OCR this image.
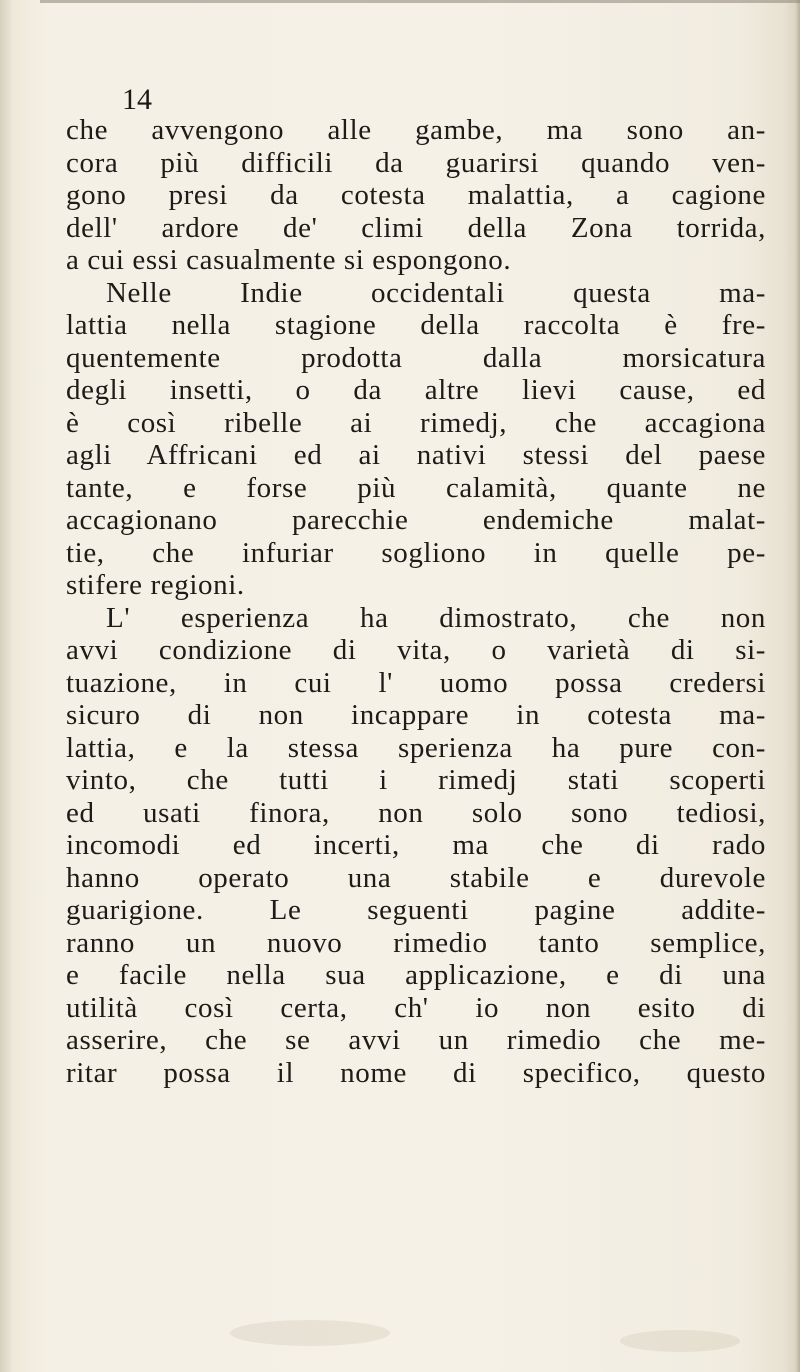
14
che avvengono alle gambe, ma sono an-
cora più difficili da guarirsi quando ven-
gono presi da cotesta malattia, a cagione
dell' ardore de' climi della Zona torrida,
a cui essi casualmente si espongono.
Nelle Indie occidentali questa ma-
lattia nella stagione della raccolta è fre-
quentemente prodotta dalla morsicatura
degli insetti, o da altre lievi cause, ed
è così ribelle ai rimedj, che accagiona
agli Affricani ed ai nativi stessi del paese
tante, e forse più calamità, quante ne
accagionano parecchie endemiche malat-
tie, che infuriar sogliono in quelle pe-
stifere regioni.
L' esperienza ha dimostrato, che non
avvi condizione di vita, o varietà di si-
tuazione, in cui l' uomo possa credersi
sicuro di non incappare in cotesta ma-
lattia, e la stessa sperienza ha pure con-
vinto, che tutti i rimedj stati scoperti
ed usati finora, non solo sono tediosi,
incomodi ed incerti, ma che di rado
hanno operato una stabile e durevole
guarigione. Le seguenti pagine addite-
ranno un nuovo rimedio tanto semplice,
e facile nella sua applicazione, e di una
utilità così certa, ch' io non esito di
asserire, che se avvi un rimedio che me-
ritar possa il nome di specifico, questo
